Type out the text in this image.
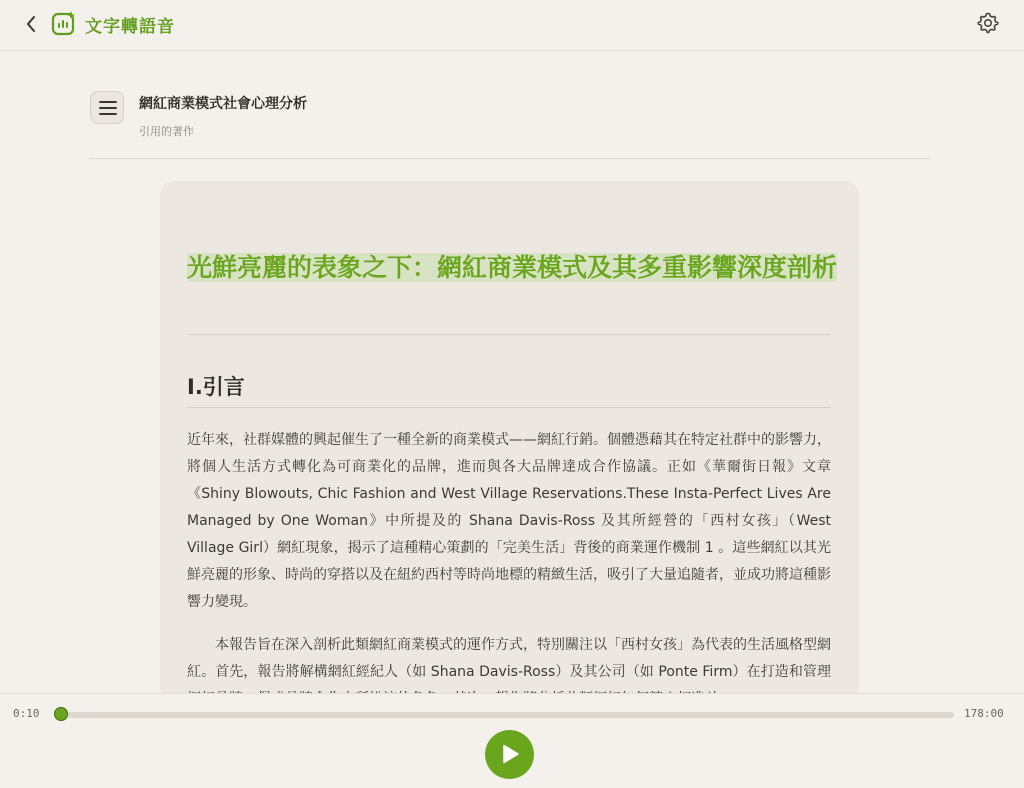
文字轉語音
網紅商業模式社會心理分析
引用的著作
光鮮亮麗的表象之下：網紅商業模式及其多重影響深度剖析
I.引言

近年來，社群媒體的興起催生了一種全新的商業模式——網紅行銷。個體憑藉其在特定社群中的影響力，將個人生活方式轉化為可商業化的品牌，進而與各大品牌達成合作協議。正如《華爾街日報》文章《Shiny Blowouts, Chic Fashion and West Village Reservations.These Insta-Perfect Lives Are Managed by One Woman》中所提及的 Shana Davis-Ross 及其所經營的「西村女孩」（West Village Girl）網紅現象，揭示了這種精心策劃的「完美生活」背後的商業運作機制 1 。這些網紅以其光鮮亮麗的形象、時尚的穿搭以及在紐約西村等時尚地標的精緻生活，吸引了大量追隨者，並成功將這種影響力變現。

本報告旨在深入剖析此類網紅商業模式的運作方式，特別關注以「西村女孩」為代表的生活風格型網紅。首先，報告將解構網紅經紀人（如 Shana Davis-Ross）及其公司（如 Ponte Firm）在打造和管理

0:10	178:00
